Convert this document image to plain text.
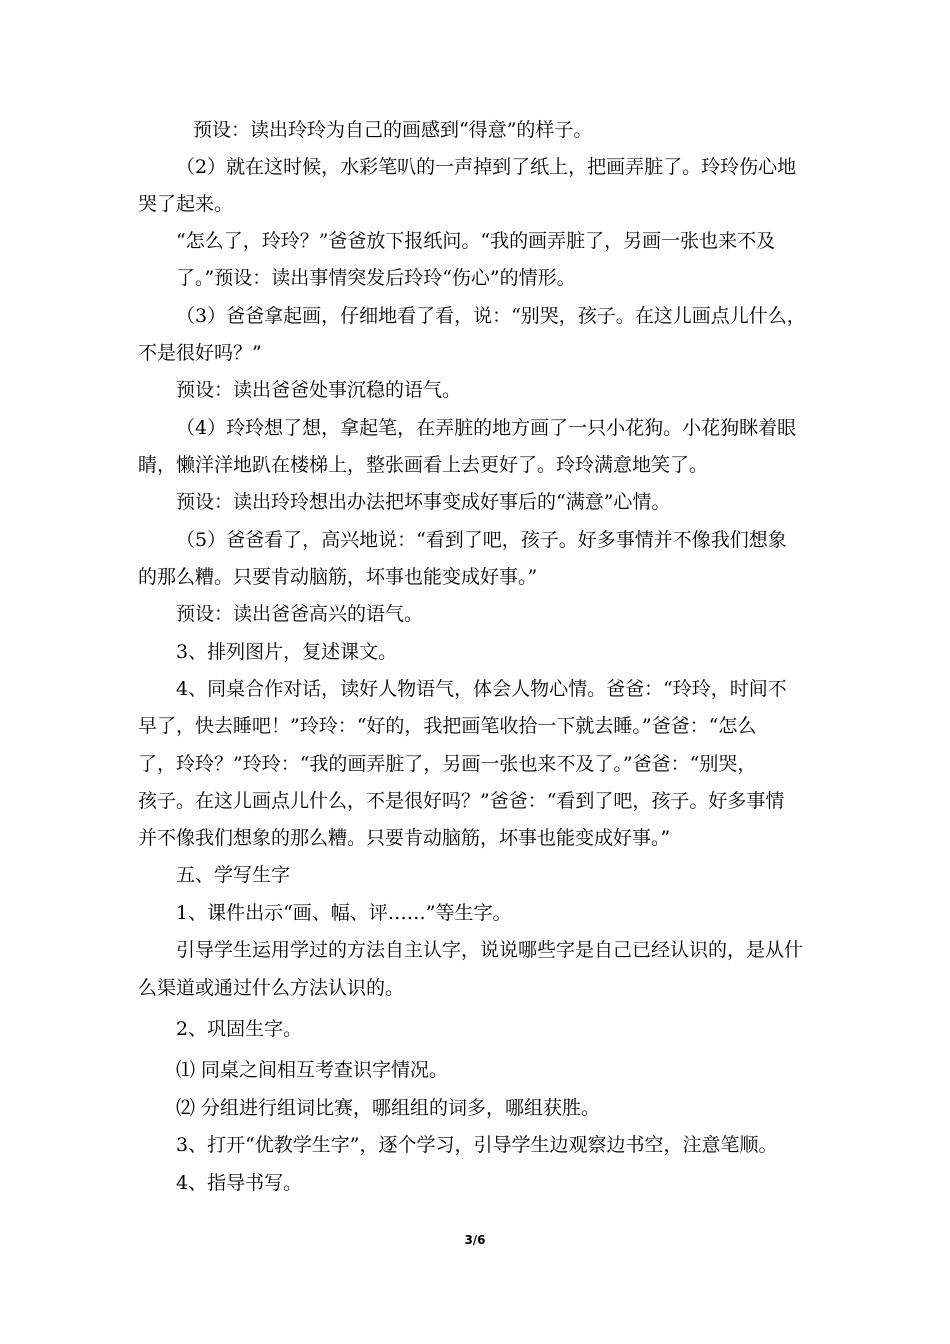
预设：读出玲玲为自己的画感到“得意”的样子。

（2）就在这时候，水彩笔叭的一声掉到了纸上，把画弄脏了。玲玲伤心地

哭了起来。

“怎么了，玲玲？”爸爸放下报纸问。“我的画弄脏了，另画一张也来不及

了。”预设：读出事情突发后玲玲“伤心”的情形。

（3）爸爸拿起画，仔细地看了看，说：“别哭，孩子。在这儿画点儿什么，

不是很好吗？”

预设：读出爸爸处事沉稳的语气。

（4）玲玲想了想，拿起笔，在弄脏的地方画了一只小花狗。小花狗眯着眼

睛，懒洋洋地趴在楼梯上，整张画看上去更好了。玲玲满意地笑了。

预设：读出玲玲想出办法把坏事变成好事后的“满意”心情。

（5）爸爸看了，高兴地说：“看到了吧，孩子。好多事情并不像我们想象

的那么糟。只要肯动脑筋，坏事也能变成好事。”

预设：读出爸爸高兴的语气。

3、排列图片，复述课文。

4、同桌合作对话，读好人物语气，体会人物心情。爸爸：“玲玲，时间不

早了，快去睡吧！”玲玲：“好的，我把画笔收拾一下就去睡。”爸爸：“怎么

了，玲玲？”玲玲：“我的画弄脏了，另画一张也来不及了。”爸爸：“别哭，

孩子。在这儿画点儿什么，不是很好吗？”爸爸：“看到了吧，孩子。好多事情

并不像我们想象的那么糟。只要肯动脑筋，坏事也能变成好事。”

五、学写生字

1、课件出示“画、幅、评……”等生字。

引导学生运用学过的方法自主认字，说说哪些字是自己已经认识的，是从什

么渠道或通过什么方法认识的。

2、巩固生字。

⑴ 同桌之间相互考查识字情况。

⑵ 分组进行组词比赛，哪组组的词多，哪组获胜。

3、打开“优教学生字”，逐个学习，引导学生边观察边书空，注意笔顺。

4、指导书写。

3/6
